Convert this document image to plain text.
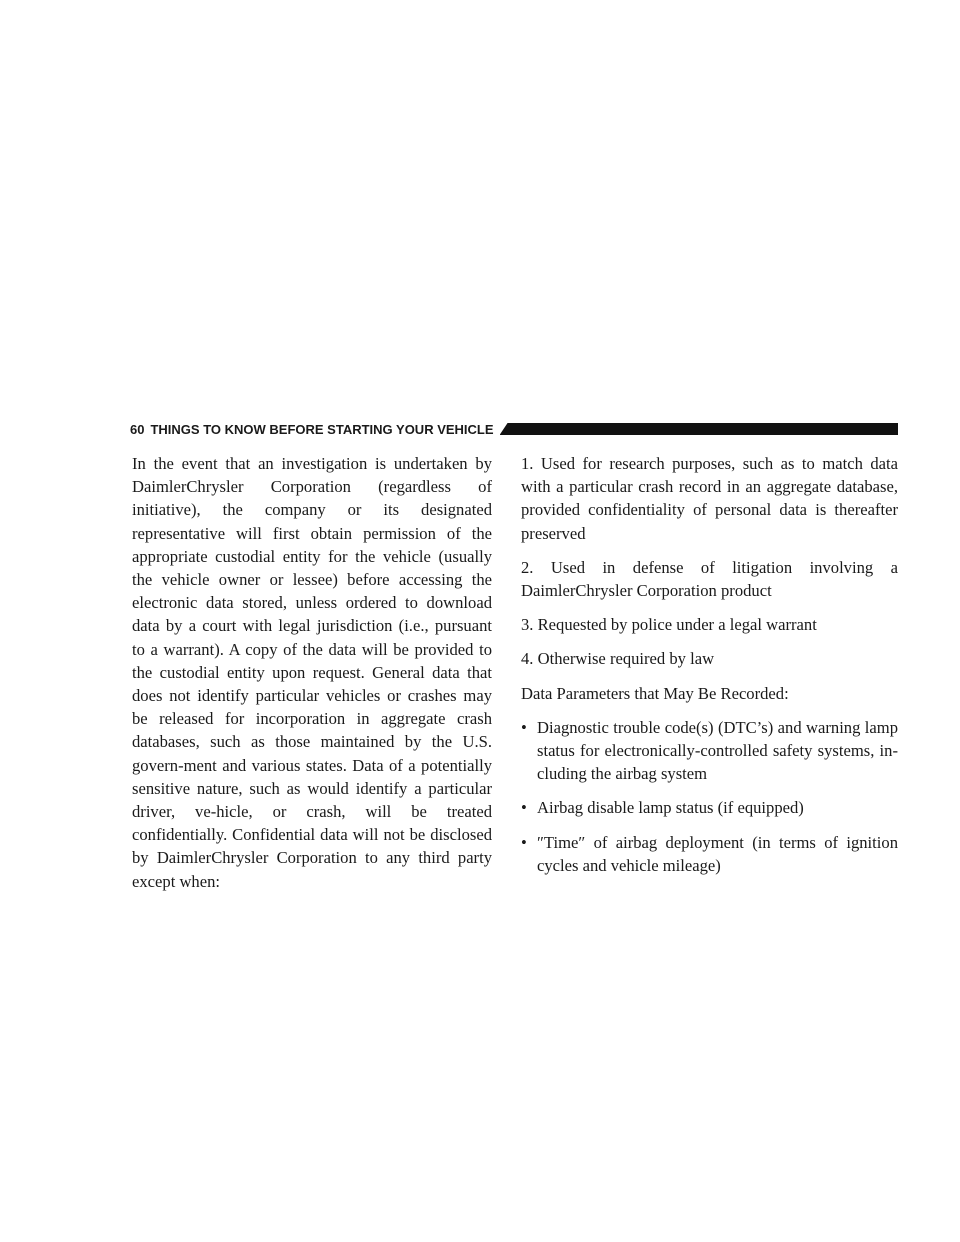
60 THINGS TO KNOW BEFORE STARTING YOUR VEHICLE

In the event that an investigation is undertaken by DaimlerChrysler Corporation (regardless of initiative), the company or its designated representative will first obtain permission of the appropriate custodial entity for the vehicle (usually the vehicle owner or lessee) before accessing the electronic data stored, unless ordered to download data by a court with legal jurisdiction (i.e., pursuant to a warrant). A copy of the data will be provided to the custodial entity upon request. General data that does not identify particular vehicles or crashes may be released for incorporation in aggregate crash databases, such as those maintained by the U.S. govern-ment and various states. Data of a potentially sensitive nature, such as would identify a particular driver, ve-hicle, or crash, will be treated confidentially. Confidential data will not be disclosed by DaimlerChrysler Corporation to any third party except when:

1. Used for research purposes, such as to match data with a particular crash record in an aggregate database, provided confidentiality of personal data is thereafter preserved

2. Used in defense of litigation involving a DaimlerChrysler Corporation product

3. Requested by police under a legal warrant

4. Otherwise required by law

Data Parameters that May Be Recorded:

• Diagnostic trouble code(s) (DTC’s) and warning lamp status for electronically-controlled safety systems, in-cluding the airbag system
• Airbag disable lamp status (if equipped)
• ″Time″ of airbag deployment (in terms of ignition cycles and vehicle mileage)
